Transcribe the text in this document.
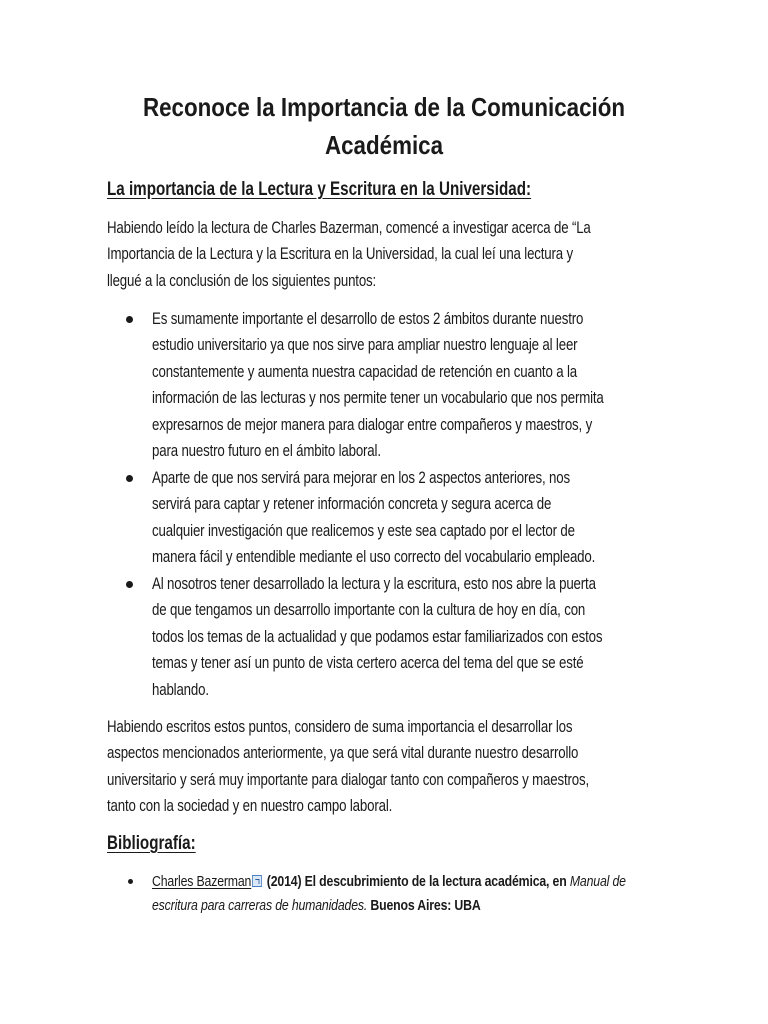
Reconoce la Importancia de la Comunicación
Académica
La importancia de la Lectura y Escritura en la Universidad:

Habiendo leído la lectura de Charles Bazerman, comencé a investigar acerca de “La
Importancia de la Lectura y la Escritura en la Universidad, la cual leí una lectura y
llegué a la conclusión de los siguientes puntos:

Es sumamente importante el desarrollo de estos 2 ámbitos durante nuestro
estudio universitario ya que nos sirve para ampliar nuestro lenguaje al leer
constantemente y aumenta nuestra capacidad de retención en cuanto a la
información de las lecturas y nos permite tener un vocabulario que nos permita
expresarnos de mejor manera para dialogar entre compañeros y maestros, y
para nuestro futuro en el ámbito laboral.
Aparte de que nos servirá para mejorar en los 2 aspectos anteriores, nos
servirá para captar y retener información concreta y segura acerca de
cualquier investigación que realicemos y este sea captado por el lector de
manera fácil y entendible mediante el uso correcto del vocabulario empleado.
Al nosotros tener desarrollado la lectura y la escritura, esto nos abre la puerta
de que tengamos un desarrollo importante con la cultura de hoy en día, con
todos los temas de la actualidad y que podamos estar familiarizados con estos
temas y tener así un punto de vista certero acerca del tema del que se esté
hablando.

Habiendo escritos estos puntos, considero de suma importancia el desarrollar los
aspectos mencionados anteriormente, ya que será vital durante nuestro desarrollo
universitario y será muy importante para dialogar tanto con compañeros y maestros,
tanto con la sociedad y en nuestro campo laboral.

Bibliografía:
Charles Bazerman (2014) El descubrimiento de la lectura académica, en Manual de
escritura para carreras de humanidades. Buenos Aires: UBA
